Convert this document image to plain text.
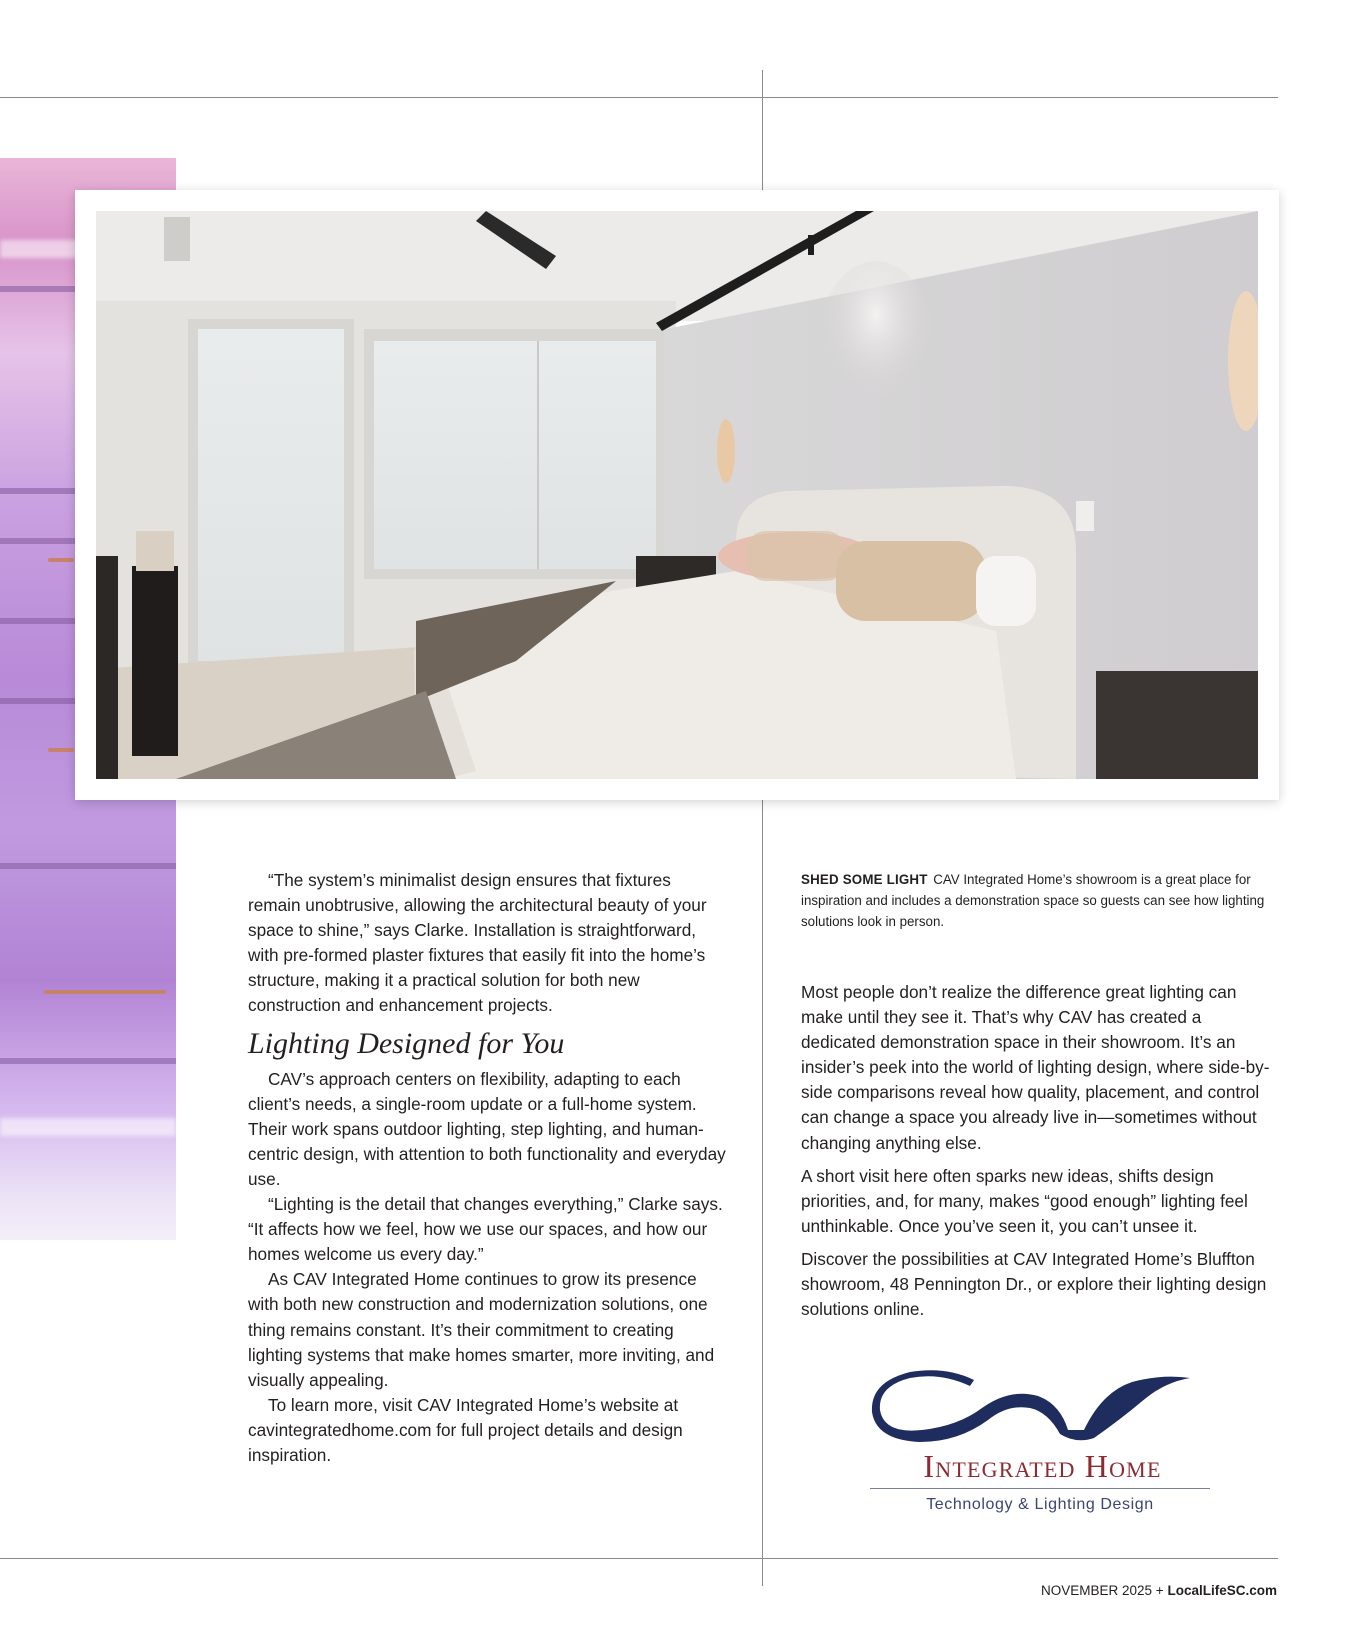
“The system’s minimalist design ensures that fixtures remain unobtrusive, allowing the architectural beauty of your space to shine,” says Clarke. Installation is straightforward, with pre-formed plaster fixtures that easily fit into the home’s structure, making it a practical solution for both new construction and enhancement projects.

Lighting Designed for You

CAV’s approach centers on flexibility, adapting to each client’s needs, a single-room update or a full-home system. Their work spans outdoor lighting, step lighting, and human-centric design, with attention to both functionality and everyday use.

“Lighting is the detail that changes everything,” Clarke says. “It affects how we feel, how we use our spaces, and how our homes welcome us every day.”

As CAV Integrated Home continues to grow its presence with both new construction and modernization solutions, one thing remains constant. It’s their commitment to creating lighting systems that make homes smarter, more inviting, and visually appealing.

To learn more, visit CAV Integrated Home’s website at cavintegratedhome.com for full project details and design inspiration.

SHED SOME LIGHT CAV Integrated Home’s showroom is a great place for inspiration and includes a demonstration space so guests can see how lighting solutions look in person.

Most people don’t realize the difference great lighting can make until they see it. That’s why CAV has created a dedicated demonstration space in their showroom. It’s an insider’s peek into the world of lighting design, where side-by-side comparisons reveal how quality, placement, and control can change a space you already live in—sometimes without changing anything else.

A short visit here often sparks new ideas, shifts design priorities, and, for many, makes “good enough” lighting feel unthinkable. Once you’ve seen it, you can’t unsee it.

Discover the possibilities at CAV Integrated Home’s Bluffton showroom, 48 Pennington Dr., or explore their lighting design solutions online.

Integrated Home
Technology & Lighting Design
NOVEMBER 2025 + LocalLifeSC.com
